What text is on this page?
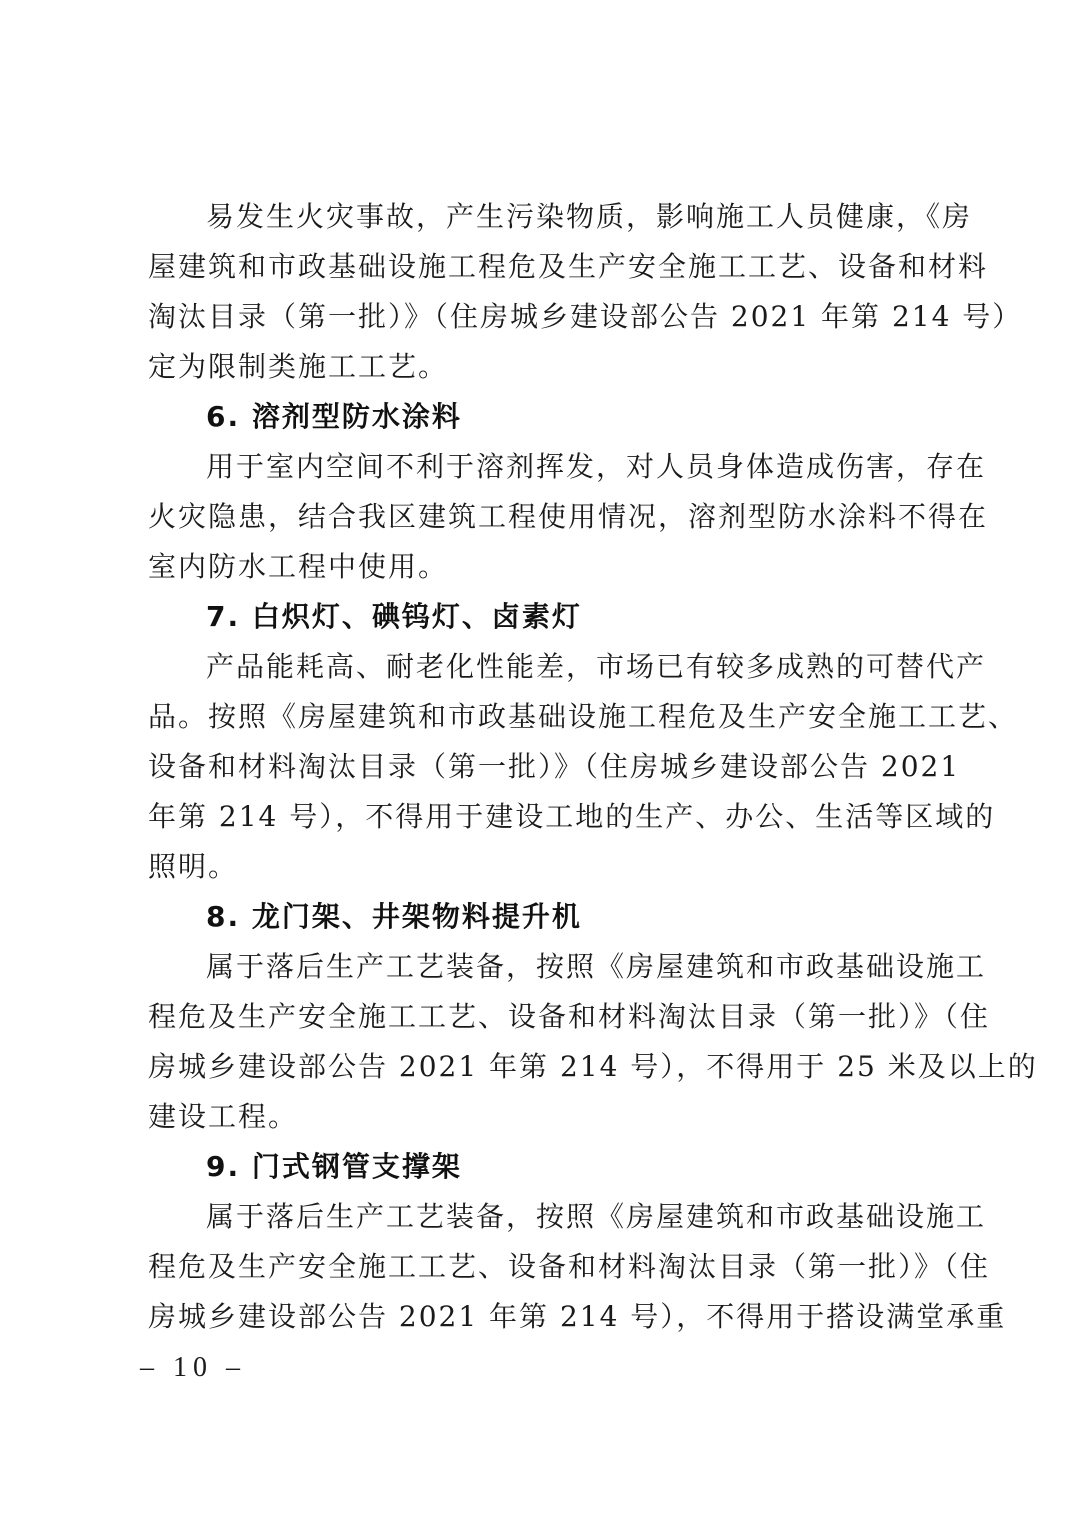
易发生火灾事故，产生污染物质，影响施工人员健康，《房
屋建筑和市政基础设施工程危及生产安全施工工艺、设备和材料
淘汰目录（第一批）》（住房城乡建设部公告 2021 年第 214 号）
定为限制类施工工艺。

6. 溶剂型防水涂料

用于室内空间不利于溶剂挥发，对人员身体造成伤害，存在
火灾隐患，结合我区建筑工程使用情况，溶剂型防水涂料不得在
室内防水工程中使用。

7. 白炽灯、碘钨灯、卤素灯

产品能耗高、耐老化性能差，市场已有较多成熟的可替代产
品。按照《房屋建筑和市政基础设施工程危及生产安全施工工艺、
设备和材料淘汰目录（第一批）》（住房城乡建设部公告 2021
年第 214 号），不得用于建设工地的生产、办公、生活等区域的
照明。

8. 龙门架、井架物料提升机

属于落后生产工艺装备，按照《房屋建筑和市政基础设施工
程危及生产安全施工工艺、设备和材料淘汰目录（第一批）》（住
房城乡建设部公告 2021 年第 214 号），不得用于 25 米及以上的
建设工程。

9. 门式钢管支撑架

属于落后生产工艺装备，按照《房屋建筑和市政基础设施工
程危及生产安全施工工艺、设备和材料淘汰目录（第一批）》（住
房城乡建设部公告 2021 年第 214 号），不得用于搭设满堂承重

– 10 –
